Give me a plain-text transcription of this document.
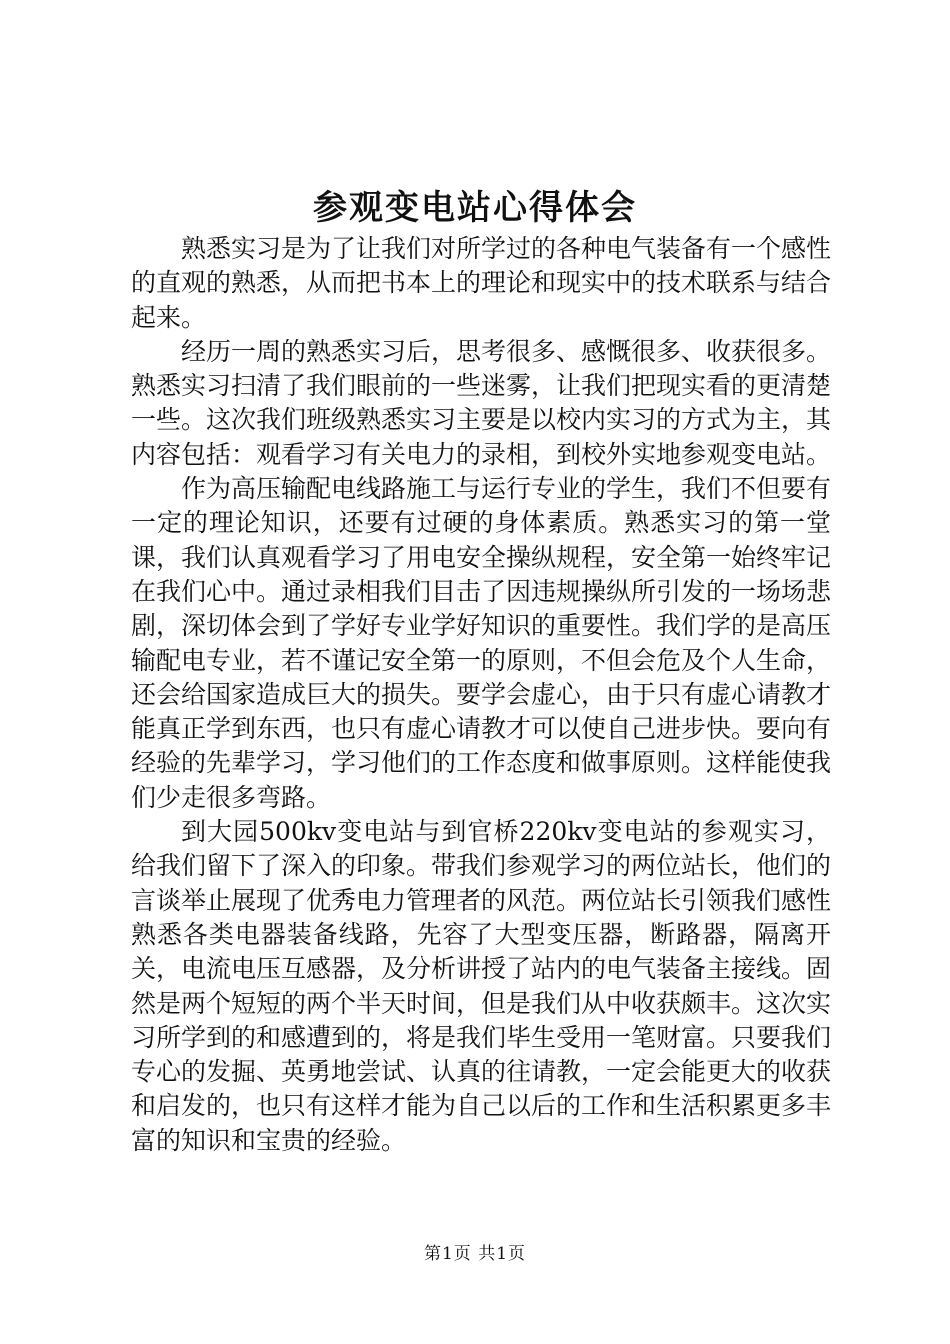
参观变电站心得体会

熟悉实习是为了让我们对所学过的各种电气装备有一个感性的直观的熟悉，从而把书本上的理论和现实中的技术联系与结合起来。

经历一周的熟悉实习后，思考很多、感慨很多、收获很多。熟悉实习扫清了我们眼前的一些迷雾，让我们把现实看的更清楚一些。这次我们班级熟悉实习主要是以校内实习的方式为主，其内容包括：观看学习有关电力的录相，到校外实地参观变电站。

作为高压输配电线路施工与运行专业的学生，我们不但要有一定的理论知识，还要有过硬的身体素质。熟悉实习的第一堂课，我们认真观看学习了用电安全操纵规程，安全第一始终牢记在我们心中。通过录相我们目击了因违规操纵所引发的一场场悲剧，深切体会到了学好专业学好知识的重要性。我们学的是高压输配电专业，若不谨记安全第一的原则，不但会危及个人生命，还会给国家造成巨大的损失。要学会虚心，由于只有虚心请教才能真正学到东西，也只有虚心请教才可以使自己进步快。要向有经验的先辈学习，学习他们的工作态度和做事原则。这样能使我们少走很多弯路。

到大园500kv变电站与到官桥220kv变电站的参观实习，给我们留下了深入的印象。带我们参观学习的两位站长，他们的言谈举止展现了优秀电力管理者的风范。两位站长引领我们感性熟悉各类电器装备线路，先容了大型变压器，断路器，隔离开关，电流电压互感器，及分析讲授了站内的电气装备主接线。固然是两个短短的两个半天时间，但是我们从中收获颇丰。这次实习所学到的和感遭到的，将是我们毕生受用一笔财富。只要我们专心的发掘、英勇地尝试、认真的往请教，一定会能更大的收获和启发的，也只有这样才能为自己以后的工作和生活积累更多丰富的知识和宝贵的经验。

第1页 共1页
